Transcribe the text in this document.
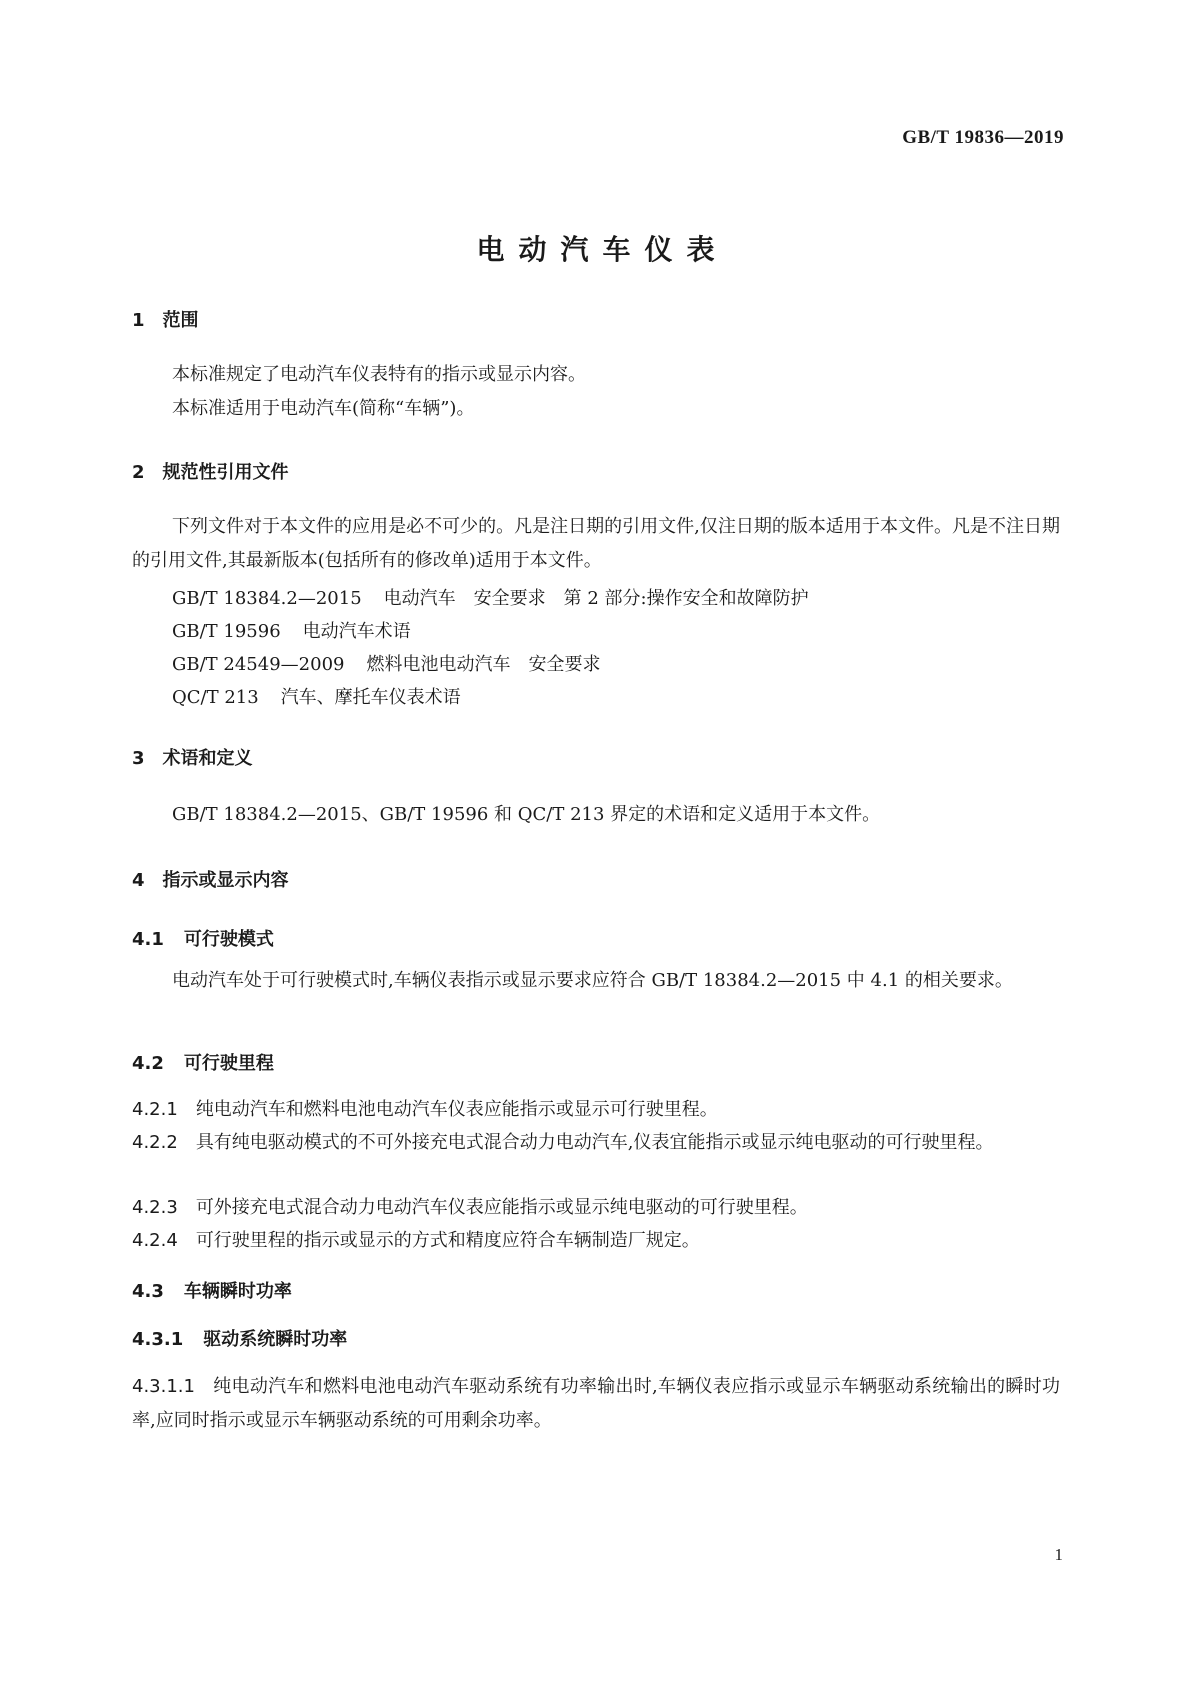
GB/T 19836—2019
电动汽车仪表
1 范围
本标准规定了电动汽车仪表特有的指示或显示内容。
本标准适用于电动汽车(简称“车辆”)。
2 规范性引用文件
下列文件对于本文件的应用是必不可少的。凡是注日期的引用文件,仅注日期的版本适用于本文件。凡是不注日期的引用文件,其最新版本(包括所有的修改单)适用于本文件。
GB/T 18384.2—2015 电动汽车　安全要求　第 2 部分:操作安全和故障防护
GB/T 19596 电动汽车术语
GB/T 24549—2009 燃料电池电动汽车　安全要求
QC/T 213 汽车、摩托车仪表术语
3 术语和定义
GB/T 18384.2—2015、GB/T 19596 和 QC/T 213 界定的术语和定义适用于本文件。
4 指示或显示内容
4.1 可行驶模式
电动汽车处于可行驶模式时,车辆仪表指示或显示要求应符合 GB/T 18384.2—2015 中 4.1 的相关要求。
4.2 可行驶里程
4.2.1 纯电动汽车和燃料电池电动汽车仪表应能指示或显示可行驶里程。
4.2.2 具有纯电驱动模式的不可外接充电式混合动力电动汽车,仪表宜能指示或显示纯电驱动的可行驶里程。
4.2.3 可外接充电式混合动力电动汽车仪表应能指示或显示纯电驱动的可行驶里程。
4.2.4 可行驶里程的指示或显示的方式和精度应符合车辆制造厂规定。
4.3 车辆瞬时功率
4.3.1 驱动系统瞬时功率
4.3.1.1 纯电动汽车和燃料电池电动汽车驱动系统有功率输出时,车辆仪表应指示或显示车辆驱动系统输出的瞬时功率,应同时指示或显示车辆驱动系统的可用剩余功率。
1
